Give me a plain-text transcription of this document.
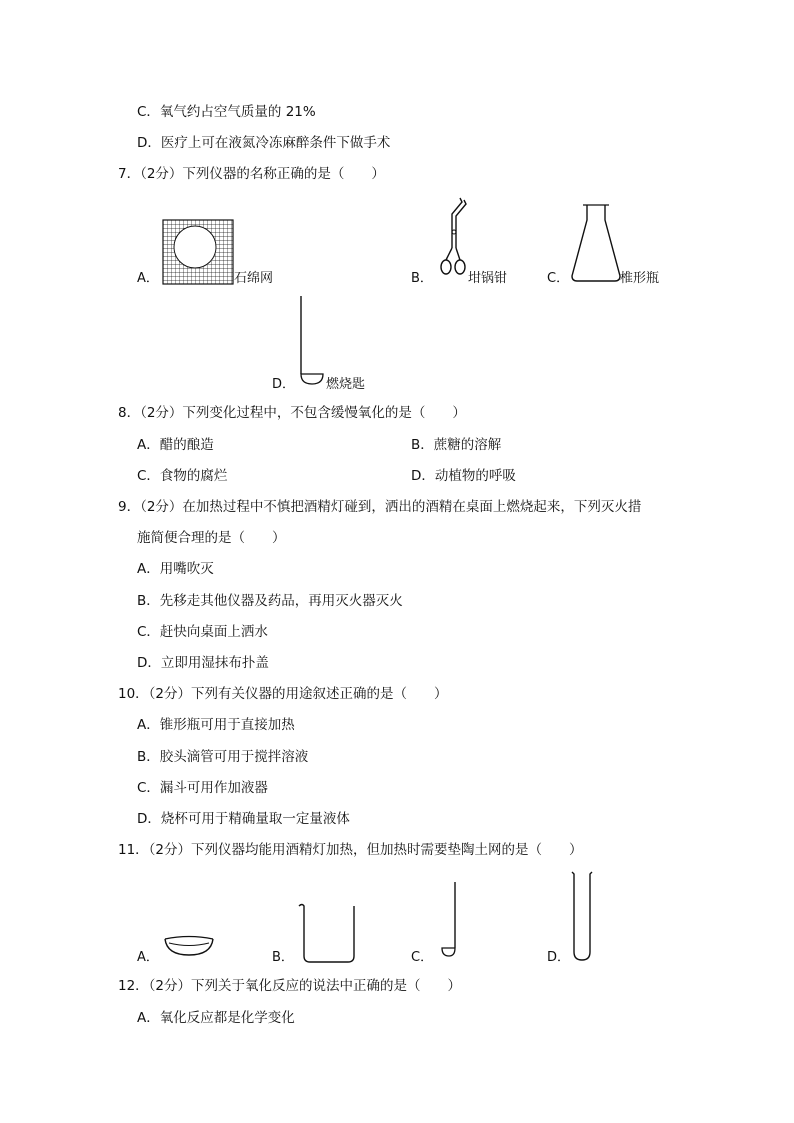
C．氧气约占空气质量的 21%
D．医疗上可在液氮冷冻麻醉条件下做手术
7．（2分）下列仪器的名称正确的是（　　）
A．	石绵网	B．	坩锅钳	C．	椎形瓶
D． 燃烧匙
8．（2分）下列变化过程中，不包含缓慢氧化的是（　　）
A．醋的酿造	B．蔗糖的溶解
C．食物的腐烂	D．动植物的呼吸
9．（2分）在加热过程中不慎把酒精灯碰到，洒出的酒精在桌面上燃烧起来，下列灭火措
施简便合理的是（　　）
A．用嘴吹灭
B．先移走其他仪器及药品，再用灭火器灭火
C．赶快向桌面上洒水
D．立即用湿抹布扑盖
10．（2分）下列有关仪器的用途叙述正确的是（　　）
A．锥形瓶可用于直接加热
B．胶头滴管可用于搅拌溶液
C．漏斗可用作加液器
D．烧杯可用于精确量取一定量液体
11．（2分）下列仪器均能用酒精灯加热，但加热时需要垫陶土网的是（　　）
A．	B．	C．	D．
12．（2分）下列关于氧化反应的说法中正确的是（　　）
A．氧化反应都是化学变化
